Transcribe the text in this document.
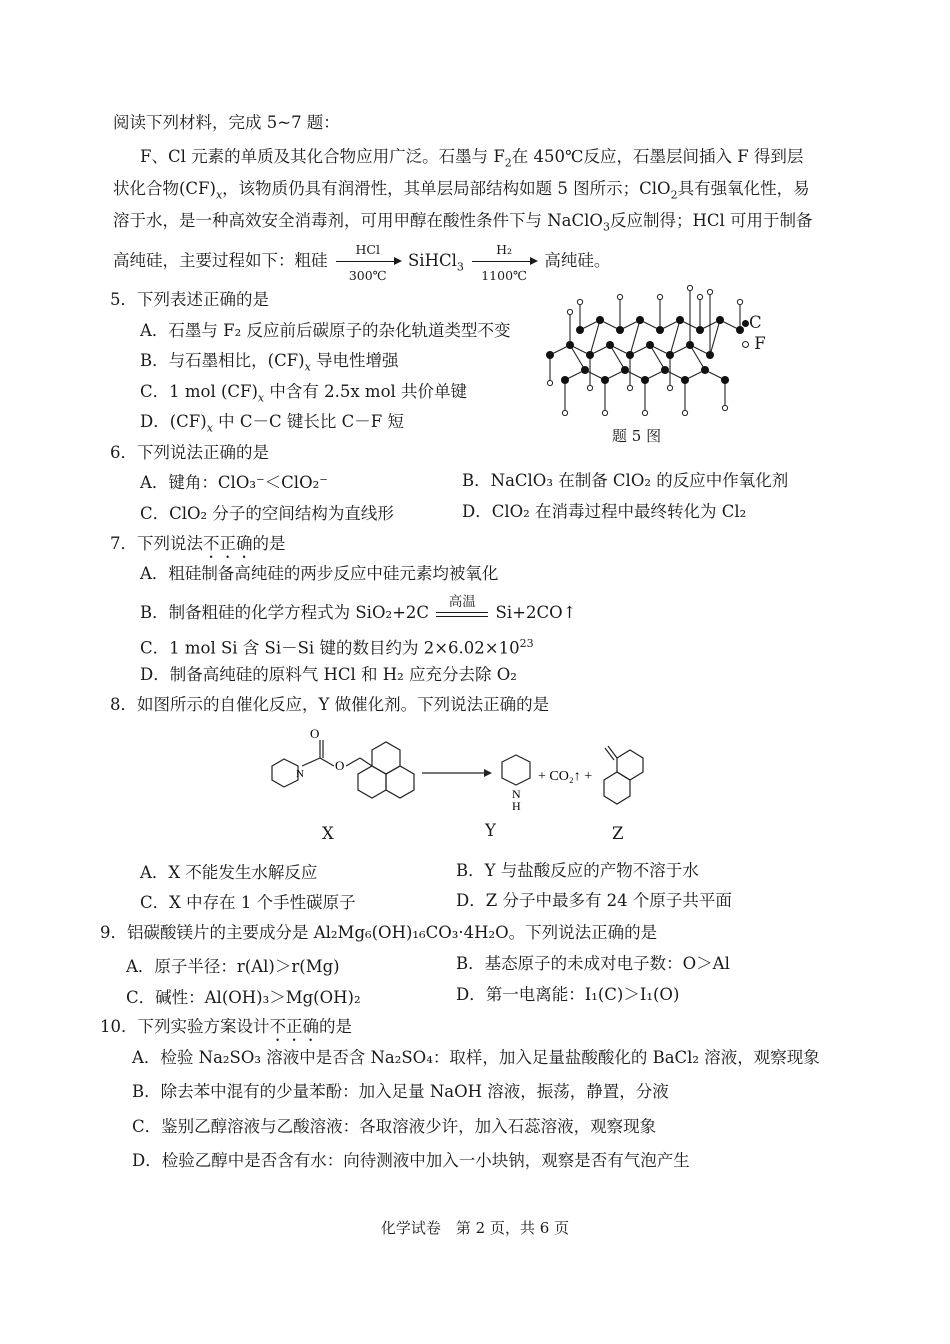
阅读下列材料，完成 5~7 题：
F、Cl 元素的单质及其化合物应用广泛。石墨与 $F_2$在 450℃反应，石墨层间插入 F 得到层
状化合物$(CF)_x$，该物质仍具有润滑性，其单层局部结构如题 5 图所示；ClO$_2$具有强氧化性，易
溶于水，是一种高效安全消毒剂，可用甲醇在酸性条件下与 NaClO$_3$反应制得；HCl 可用于制备
高纯硅，主要过程如下：粗硅
HCl
300℃
SiHCl$_3$ $\frac{\text{H₂}}{1100℃}$ 高纯硅。
5．下列表述正确的是
A．石墨与 F₂ 反应前后碳原子的杂化轨道类型不变
B．与石墨相比，$(CF)_x$ 导电性增强
C．1 mol $(CF)_x$ 中含有 2.5x mol 共价单键
D．$(CF)_x$ 中 C－C 键长比 C－F 短
C
F
题 5 图
6．下列说法正确的是
A．键角：ClO₃⁻＜ClO₂⁻	B．NaClO₃ 在制备 ClO₂ 的反应中作氧化剂
C．ClO₂ 分子的空间结构为直线形	D．ClO₂ 在消毒过程中最终转化为 Cl₂
7．下列说法不正确的是
A．粗硅制备高纯硅的两步反应中硅元素均被氧化
B．制备粗硅的化学方程式为 SiO₂+2C
高温
Si+2CO↑
C．1 mol Si 含 Si－Si 键的数目约为 $2\times 6.02\times 10^{23}$
D．制备高纯硅的原料气 HCl 和 H₂ 应充分去除 O₂
8．如图所示的自催化反应，Y 做催化剂。下列说法正确的是
O
N
O
N
H
+ CO₂↑ +
X	Y	Z
A．X 不能发生水解反应	B．Y 与盐酸反应的产物不溶于水
C．X 中存在 1 个手性碳原子	D．Z 分子中最多有 24 个原子共平面
9．铝碳酸镁片的主要成分是 Al₂Mg₆(OH)₁₆CO₃·4H₂O。下列说法正确的是
A．原子半径：r(Al)＞r(Mg)	B．基态原子的未成对电子数：O＞Al
C．碱性：Al(OH)₃＞Mg(OH)₂	D．第一电离能：I₁(C)＞I₁(O)
10．下列实验方案设计不正确的是
A．检验 Na₂SO₃ 溶液中是否含 Na₂SO₄：取样，加入足量盐酸酸化的 BaCl₂ 溶液，观察现象
B．除去苯中混有的少量苯酚：加入足量 NaOH 溶液，振荡，静置，分液
C．鉴别乙醇溶液与乙酸溶液：各取溶液少许，加入石蕊溶液，观察现象
D．检验乙醇中是否含有水：向待测液中加入一小块钠，观察是否有气泡产生
化学试卷　第 2 页，共 6 页
